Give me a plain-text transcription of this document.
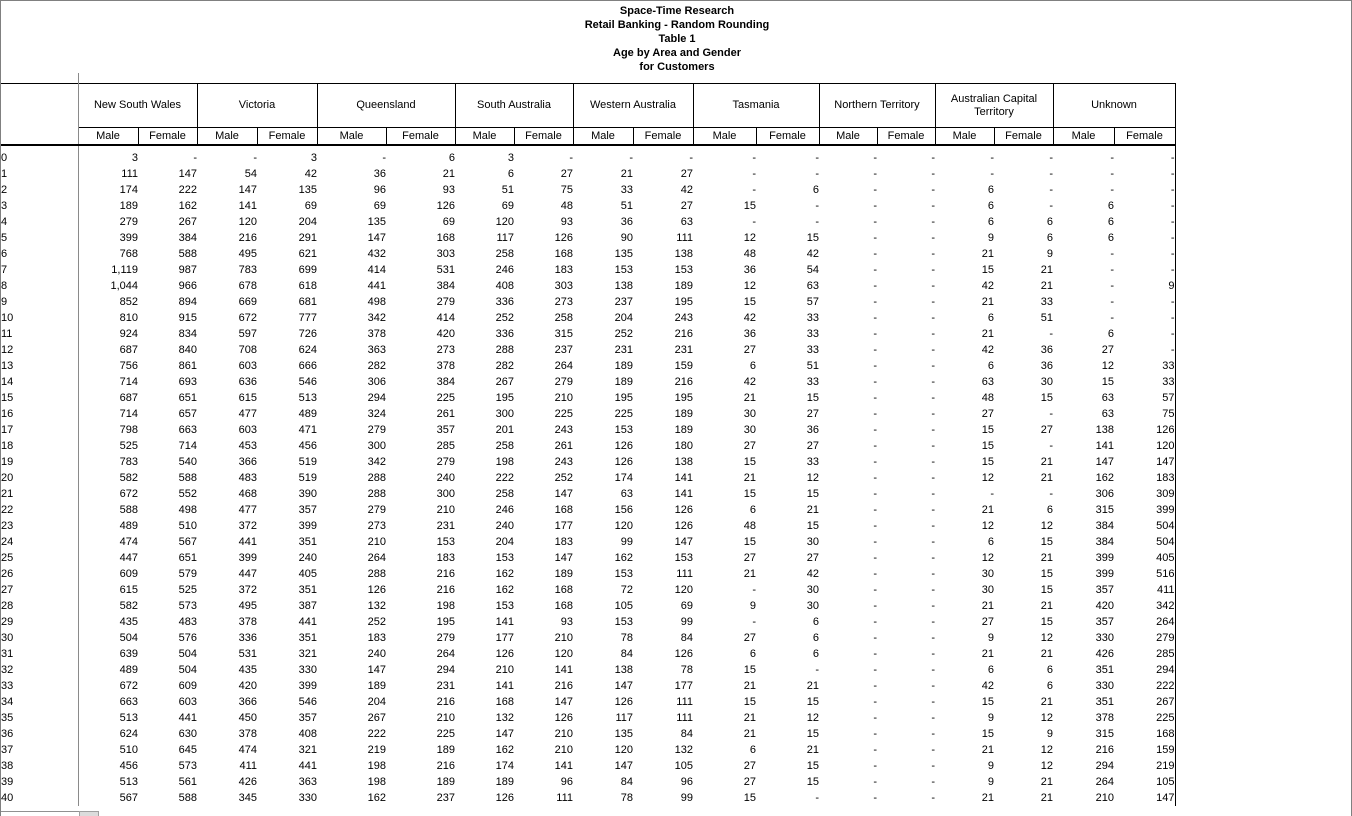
Space-Time Research
Retail Banking - Random Rounding
Table 1
Age by Area and Gender
for Customers
	New South Wales		Victoria		Queensland		South Australia		Western Australia		Tasmania		Northern Territory		Australian Capital Territory		Unknown	
	Male	Female	Male	Female	Male	Female	Male	Female	Male	Female	Male	Female	Male	Female	Male	Female	Male	Female
0	3	-	-	3	-	6	3	-	-	-	-	-	-	-	-	-	-	-
1	111	147	54	42	36	21	6	27	21	27	-	-	-	-	-	-	-	-
2	174	222	147	135	96	93	51	75	33	42	-	6	-	-	6	-	-	-
3	189	162	141	69	69	126	69	48	51	27	15	-	-	-	6	-	6	-
4	279	267	120	204	135	69	120	93	36	63	-	-	-	-	6	6	6	-
5	399	384	216	291	147	168	117	126	90	111	12	15	-	-	9	6	6	-
6	768	588	495	621	432	303	258	168	135	138	48	42	-	-	21	9	-	-
7	1,119	987	783	699	414	531	246	183	153	153	36	54	-	-	15	21	-	-
8	1,044	966	678	618	441	384	408	303	138	189	12	63	-	-	42	21	-	9
9	852	894	669	681	498	279	336	273	237	195	15	57	-	-	21	33	-	-
10	810	915	672	777	342	414	252	258	204	243	42	33	-	-	6	51	-	-
11	924	834	597	726	378	420	336	315	252	216	36	33	-	-	21	-	6	-
12	687	840	708	624	363	273	288	237	231	231	27	33	-	-	42	36	27	-
13	756	861	603	666	282	378	282	264	189	159	6	51	-	-	6	36	12	33
14	714	693	636	546	306	384	267	279	189	216	42	33	-	-	63	30	15	33
15	687	651	615	513	294	225	195	210	195	195	21	15	-	-	48	15	63	57
16	714	657	477	489	324	261	300	225	225	189	30	27	-	-	27	-	63	75
17	798	663	603	471	279	357	201	243	153	189	30	36	-	-	15	27	138	126
18	525	714	453	456	300	285	258	261	126	180	27	27	-	-	15	-	141	120
19	783	540	366	519	342	279	198	243	126	138	15	33	-	-	15	21	147	147
20	582	588	483	519	288	240	222	252	174	141	21	12	-	-	12	21	162	183
21	672	552	468	390	288	300	258	147	63	141	15	15	-	-	-	-	306	309
22	588	498	477	357	279	210	246	168	156	126	6	21	-	-	21	6	315	399
23	489	510	372	399	273	231	240	177	120	126	48	15	-	-	12	12	384	504
24	474	567	441	351	210	153	204	183	99	147	15	30	-	-	6	15	384	504
25	447	651	399	240	264	183	153	147	162	153	27	27	-	-	12	21	399	405
26	609	579	447	405	288	216	162	189	153	111	21	42	-	-	30	15	399	516
27	615	525	372	351	126	216	162	168	72	120	-	30	-	-	30	15	357	411
28	582	573	495	387	132	198	153	168	105	69	9	30	-	-	21	21	420	342
29	435	483	378	441	252	195	141	93	153	99	-	6	-	-	27	15	357	264
30	504	576	336	351	183	279	177	210	78	84	27	6	-	-	9	12	330	279
31	639	504	531	321	240	264	126	120	84	126	6	6	-	-	21	21	426	285
32	489	504	435	330	147	294	210	141	138	78	15	-	-	-	6	6	351	294
33	672	609	420	399	189	231	141	216	147	177	21	21	-	-	42	6	330	222
34	663	603	366	546	204	216	168	147	126	111	15	15	-	-	15	21	351	267
35	513	441	450	357	267	210	132	126	117	111	21	12	-	-	9	12	378	225
36	624	630	378	408	222	225	147	210	135	84	21	15	-	-	15	9	315	168
37	510	645	474	321	219	189	162	210	120	132	6	21	-	-	21	12	216	159
38	456	573	411	441	198	216	174	141	147	105	27	15	-	-	9	12	294	219
39	513	561	426	363	198	189	189	96	84	96	27	15	-	-	9	21	264	105
40	567	588	345	330	162	237	126	111	78	99	15	-	-	-	21	21	210	147
